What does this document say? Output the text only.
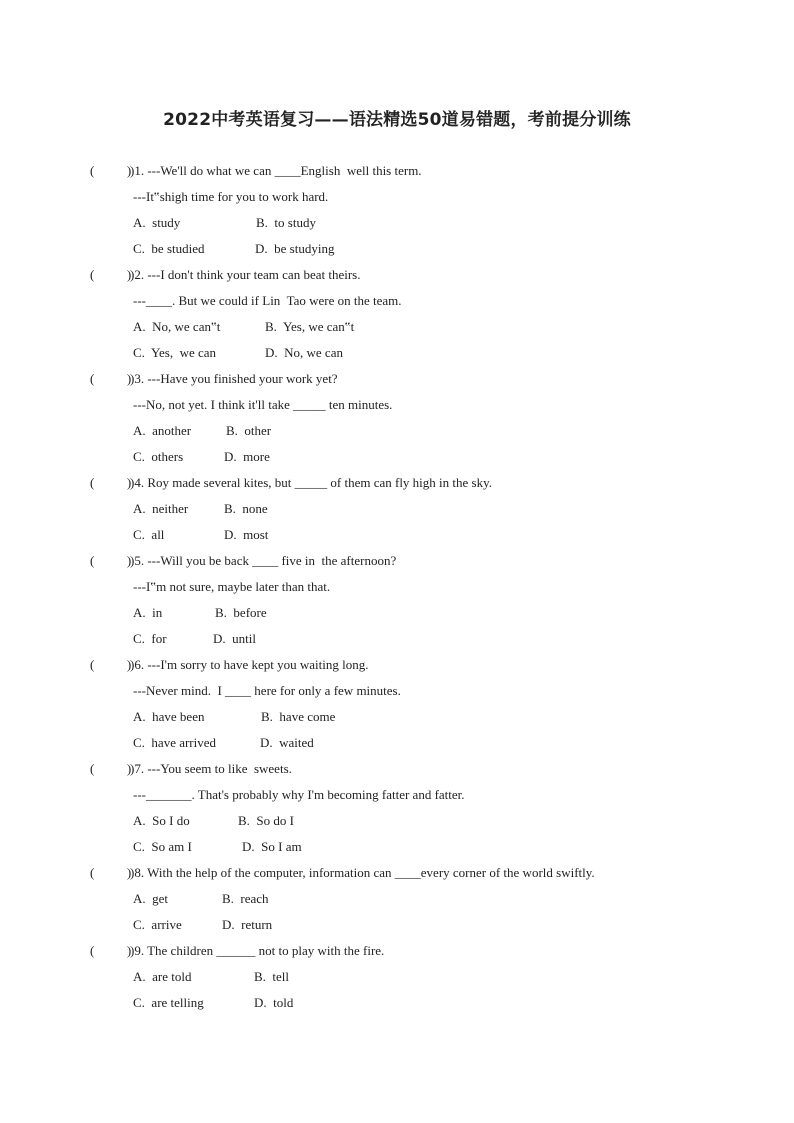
2022中考英语复习——语法精选50道易错题，考前提分训练

(          )

)1. ---We'll do what we can ____English  well this term.

---It‟shigh time for you to work hard.

A.  study

	B.  to study

C.  be studied

	D.  be studying

(          )

)2. ---I don't think your team can beat theirs.

---____. But we could if Lin  Tao were on the team.

A.  No, we can‟t

	B.  Yes, we can‟t

C.  Yes,  we can

	D.  No, we can

(          )

)3. ---Have you finished your work yet?

---No, not yet. I think it'll take _____ ten minutes.

A.  another

	B.  other

C.  others

	D.  more

(          )

)4. Roy made several kites, but _____ of them can fly high in the sky.

A.  neither

	B.  none

C.  all

	D.  most

(          )

)5. ---Will you be back ____ five in  the afternoon?

---I‟m not sure, maybe later than that.

A.  in

	B.  before

C.  for

	D.  until

(          )

)6. ---I'm sorry to have kept you waiting long.

---Never mind.  I ____ here for only a few minutes.

A.  have been

	B.  have come

C.  have arrived

	D.  waited

(          )

)7. ---You seem to like  sweets.

---_______. That's probably why I'm becoming fatter and fatter.

A.  So I do

	B.  So do I

C.  So am I

	D.  So I am

(          )

)8. With the help of the computer, information can ____every corner of the world swiftly.

A.  get

	B.  reach

C.  arrive

	D.  return

(          )

)9. The children ______ not to play with the fire.

A.  are told

	B.  tell

C.  are telling

	D.  told
